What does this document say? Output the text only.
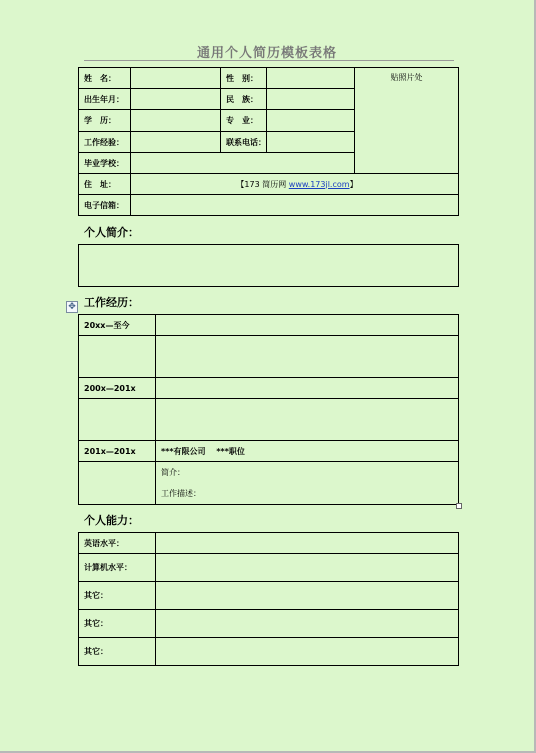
通用个人简历模板表格
姓　名：		性　别：		贴照片处
出生年月：		民　族：		
学　历：		专　业：		
工作经验：		联系电话：		
毕业学校：				
住　址：	【173 简历网 www.173jl.com】			
电子信箱：				
个人简介：
✥ 工作经历：
20xx—至今	

200x—201x	

201x—201x	***有限公司　 ***职位

	简介：
工作描述：
个人能力：
英语水平：	
计算机水平：	
其它：	
其它：	
其它：	
